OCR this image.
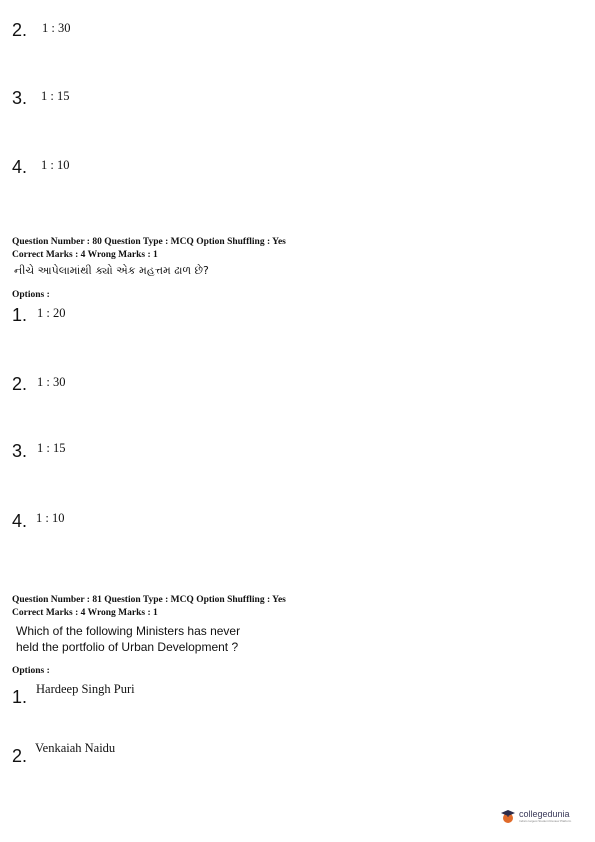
2. 1 : 30
3. 1 : 15
4. 1 : 10
Question Number : 80 Question Type : MCQ Option Shuffling : Yes
Correct Marks : 4 Wrong Marks : 1
નીચે આપેલામાંથી ક્યો એક મહત્તમ ઢાળ છે?
Options :
1. 1 : 20
2. 1 : 30
3. 1 : 15
4. 1 : 10
Question Number : 81 Question Type : MCQ Option Shuffling : Yes
Correct Marks : 4 Wrong Marks : 1
Which of the following Ministers has never
held the portfolio of Urban Development ?
Options :
1. Hardeep Singh Puri
2. Venkaiah Naidu
collegedunia
India's largest Student Review Platform
